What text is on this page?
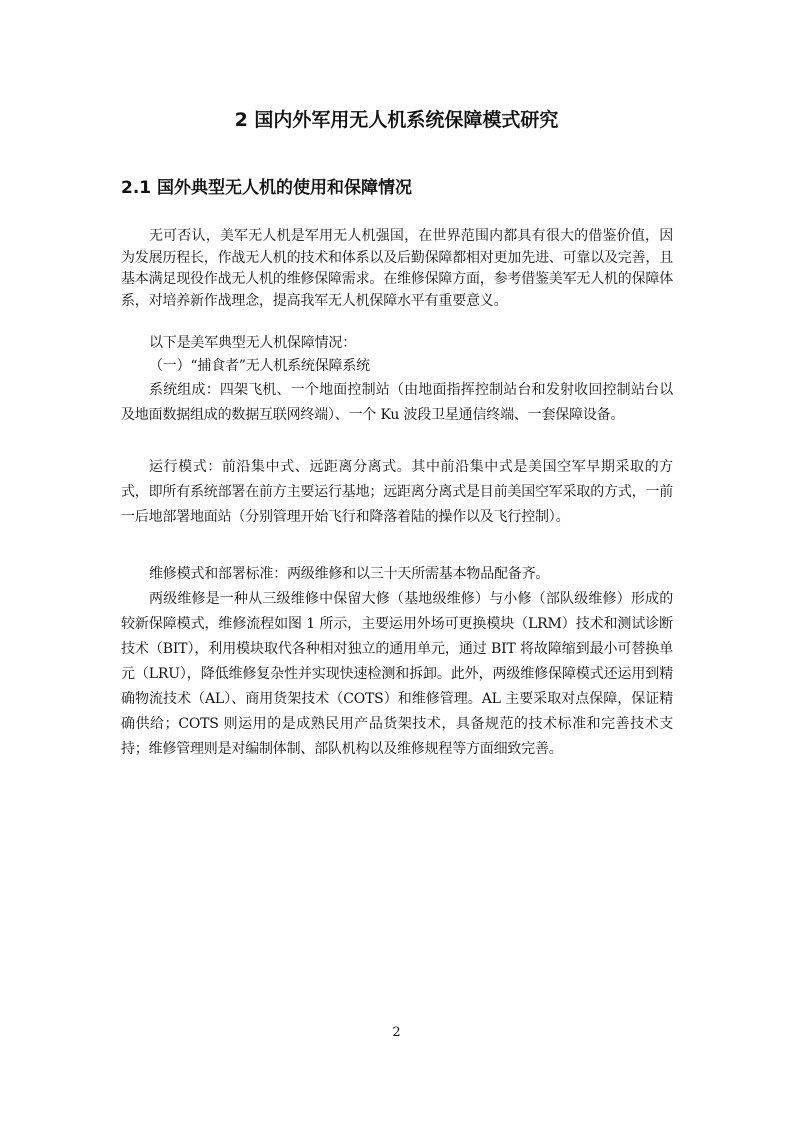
2 国内外军用无人机系统保障模式研究
2.1 国外典型无人机的使用和保障情况

无可否认，美军无人机是军用无人机强国，在世界范围内都具有很大的借鉴价值，因为发展历程长，作战无人机的技术和体系以及后勤保障都相对更加先进、可靠以及完善，且基本满足现役作战无人机的维修保障需求。在维修保障方面，参考借鉴美军无人机的保障体系，对培养新作战理念，提高我军无人机保障水平有重要意义。

以下是美军典型无人机保障情况：

（一）“捕食者”无人机系统保障系统

系统组成：四架飞机、一个地面控制站（由地面指挥控制站台和发射收回控制站台以及地面数据组成的数据互联网终端）、一个 Ku 波段卫星通信终端、一套保障设备。

运行模式：前沿集中式、远距离分离式。其中前沿集中式是美国空军早期采取的方式，即所有系统部署在前方主要运行基地；远距离分离式是目前美国空军采取的方式，一前一后地部署地面站（分别管理开始飞行和降落着陆的操作以及飞行控制）。

维修模式和部署标准：两级维修和以三十天所需基本物品配备齐。

两级维修是一种从三级维修中保留大修（基地级维修）与小修（部队级维修）形成的较新保障模式，维修流程如图 1 所示，主要运用外场可更换模块（LRM）技术和测试诊断技术（BIT），利用模块取代各种相对独立的通用单元，通过 BIT 将故障缩到最小可替换单元（LRU），降低维修复杂性并实现快速检测和拆卸。此外，两级维修保障模式还运用到精确物流技术（AL）、商用货架技术（COTS）和维修管理。AL 主要采取对点保障，保证精确供给；COTS 则运用的是成熟民用产品货架技术，具备规范的技术标准和完善技术支持；维修管理则是对编制体制、部队机构以及维修规程等方面细致完善。

2
